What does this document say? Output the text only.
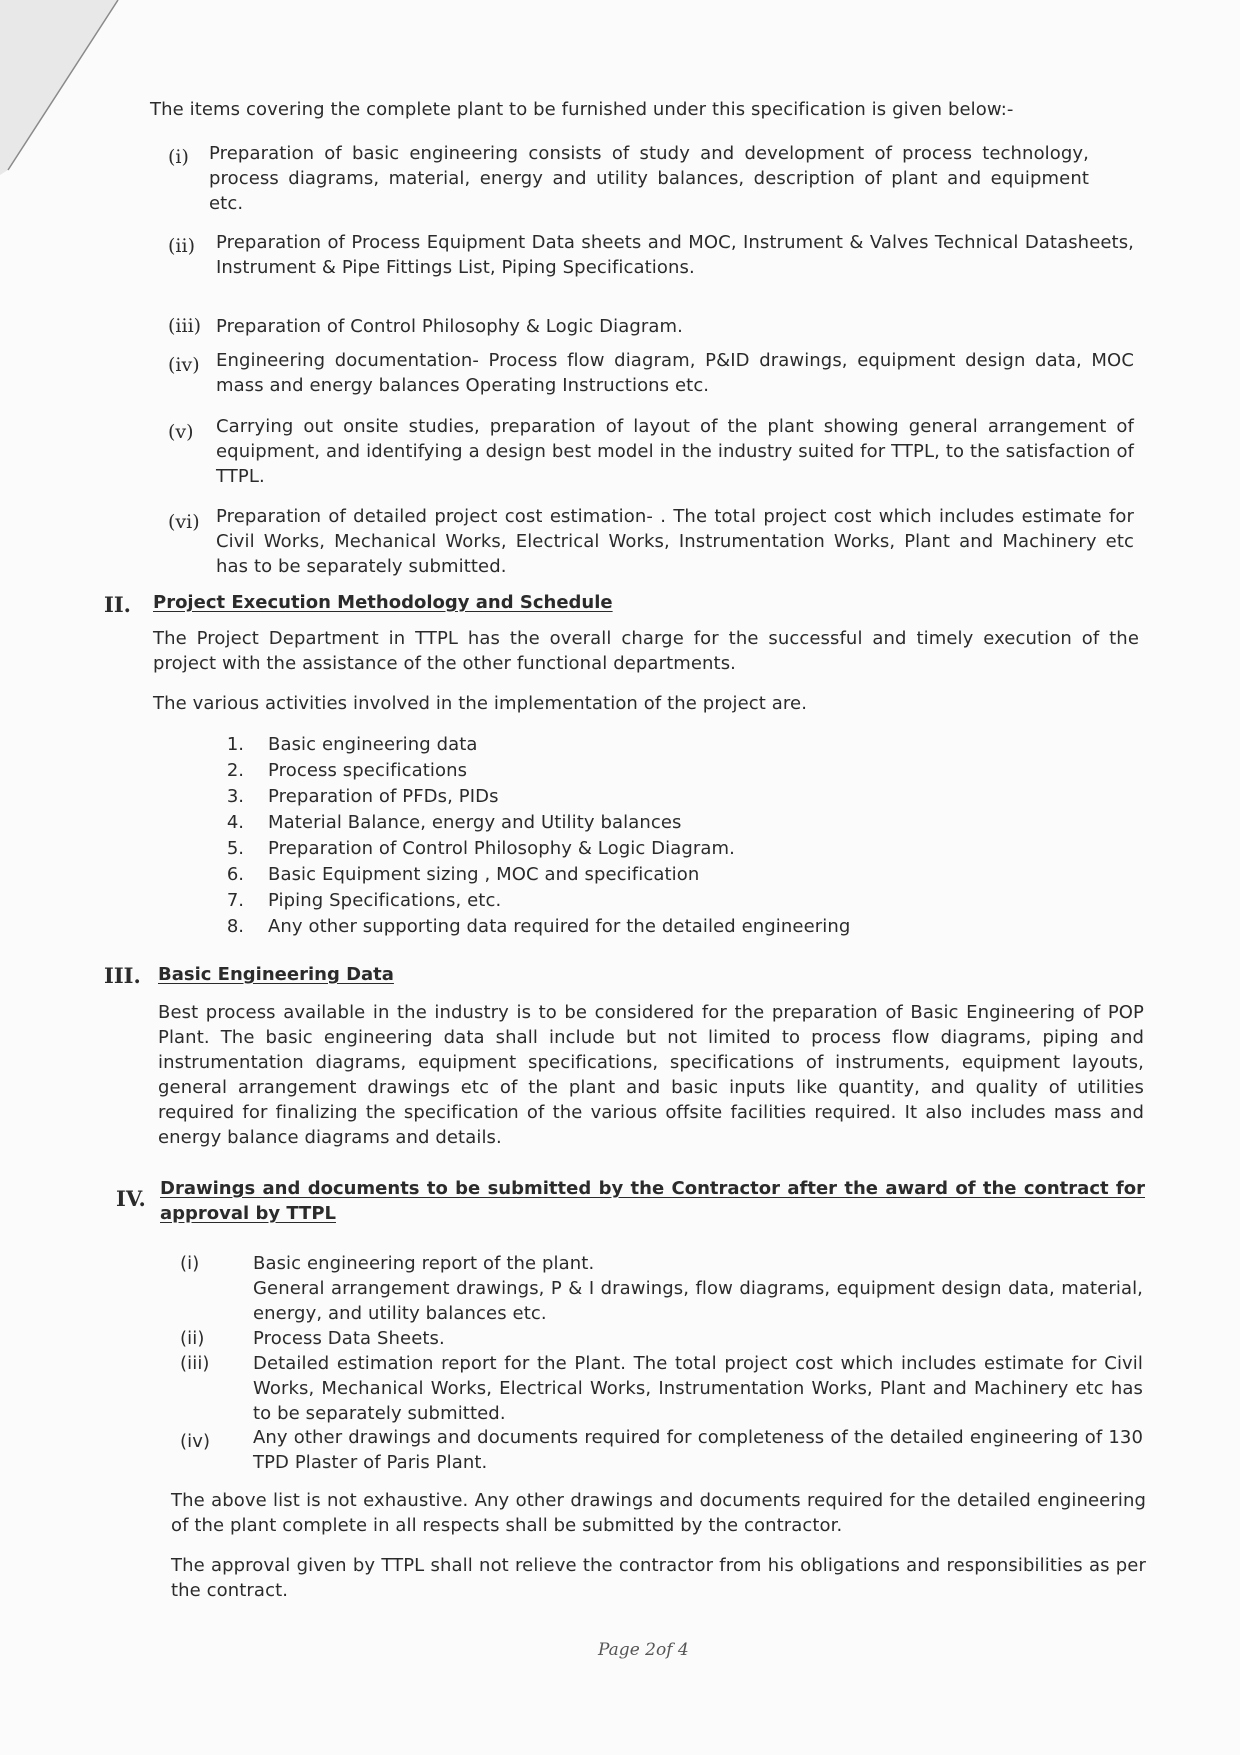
The items covering the complete plant to be furnished under this specification is given below:-
(i) Preparation of basic engineering consists of study and development of process technology, process diagrams, material, energy and utility balances, description of plant and equipment etc.
(ii) Preparation of Process Equipment Data sheets and MOC, Instrument & Valves Technical Datasheets, Instrument & Pipe Fittings List, Piping Specifications.
(iii) Preparation of Control Philosophy & Logic Diagram.
(iv) Engineering documentation- Process flow diagram, P&ID drawings, equipment design data, MOC mass and energy balances Operating Instructions etc.
(v) Carrying out onsite studies, preparation of layout of the plant showing general arrangement of equipment, and identifying a design best model in the industry suited for TTPL, to the satisfaction of TTPL.
(vi) Preparation of detailed project cost estimation- . The total project cost which includes estimate for Civil Works, Mechanical Works, Electrical Works, Instrumentation Works, Plant and Machinery etc has to be separately submitted.
II. Project Execution Methodology and Schedule
The Project Department in TTPL has the overall charge for the successful and timely execution of the project with the assistance of the other functional departments.
The various activities involved in the implementation of the project are.
1. Basic engineering data
2. Process specifications
3. Preparation of PFDs, PIDs
4. Material Balance, energy and Utility balances
5. Preparation of Control Philosophy & Logic Diagram.
6. Basic Equipment sizing , MOC and specification
7. Piping Specifications, etc.
8. Any other supporting data required for the detailed engineering
III. Basic Engineering Data
Best process available in the industry is to be considered for the preparation of Basic Engineering of POP Plant. The basic engineering data shall include but not limited to process flow diagrams, piping and instrumentation diagrams, equipment specifications, specifications of instruments, equipment layouts, general arrangement drawings etc of the plant and basic inputs like quantity, and quality of utilities required for finalizing the specification of the various offsite facilities required. It also includes mass and energy balance diagrams and details.
IV. Drawings and documents to be submitted by the Contractor after the award of the contract for approval by TTPL
(i)	Basic engineering report of the plant.
General arrangement drawings, P & I drawings, flow diagrams, equipment design data, material, energy, and utility balances etc.
(ii)	Process Data Sheets.
(iii) Detailed estimation report for the Plant. The total project cost which includes estimate for Civil Works, Mechanical Works, Electrical Works, Instrumentation Works, Plant and Machinery etc has to be separately submitted.
(iv) Any other drawings and documents required for completeness of the detailed engineering of 130 TPD Plaster of Paris Plant.
The above list is not exhaustive. Any other drawings and documents required for the detailed engineering of the plant complete in all respects shall be submitted by the contractor.
The approval given by TTPL shall not relieve the contractor from his obligations and responsibilities as per the contract.
Page 2of 4
